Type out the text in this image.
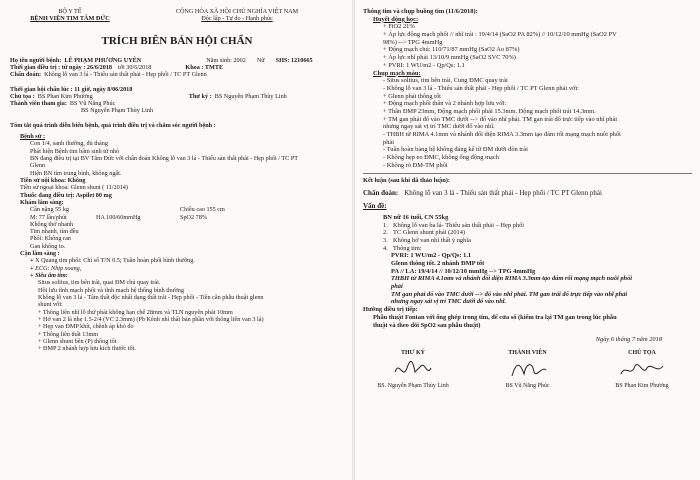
BỘ Y TẾ
BỆNH VIỆN TIM TÂM ĐỨC
CỘNG HÒA XÃ HỘI CHỦ NGHĨA VIỆT NAM
Độc lập - Tự do - Hạnh phúc
TRÍCH BIÊN BẢN HỘI CHẨN
Họ tên người bệnh: LÊ PHẠM PHƯƠNG UYÊN	Năm sinh: 2002 Nữ SHS: 1210665
Thời gian điều trị : từ ngày : 26/6/2018 tới 30/6/2018	Khoa : TMTE
Chẩn đoán: Không lỗ van 3 lá - Thiểu sản thất phải - Hẹp phổi / TC PT Glenn
Thời gian hội chẩn lúc : 11 giờ, ngày 8/06/2018
Chủ tọa : BS Phan Kim Phương	Thư ký : BS Nguyễn Phạm Thùy Linh
Thành viên tham gia: BS Vũ Năng Phúc
BS Nguyễn Phạm Thùy Linh
Tóm tắt quá trình diễn biến bệnh, quá trình điều trị và chăm sóc người bệnh :
Bệnh sử :
Con 1/4, sanh thường, đủ tháng
Phát hiện Bệnh tim bẩm sinh từ nhỏ
BN đang điều trị tại BV Tâm Đức với chẩn đoán Không lỗ van 3 lá - Thiểu sản thất phải - Hẹp phổi / TC PT
Glenn
Hiện BN tím trung bình, không ngất.
Tiền sử nội khoa: Không
Tiền sử ngoại khoa: Glenn shunt ( 11/2014)
Thuốc đang điều trị: Aspilet 80 mg
Khám lâm sàng:
Cân nặng 55 kg	Chiều cao 155 cm
M: 77 lần/phút	HA 100/60mmHg	SpO2 78%
Không thở nhanh
Tim nhanh, tím đều
Phổi: Không ran
Gan không to.
Cận lâm sàng :
+ X Quang tim phổi: Chỉ số T/N 0.5; Tuần hoàn phổi bình thường.
+ ECG: Nhịp xoang,
+ Siêu âm tim:
Situs solitus, tim bên trái, quai ĐM chủ quay trái.
Hồi lưu tĩnh mạch phổi và tĩnh mạch hệ thống bình thường
Không lỗ van 3 lá - Tâm thất độc nhất dạng thất trái - Hẹp phổi - Tiền căn phẫu thuật glenn
shunt với:
+ Thông liên nhĩ lỗ thứ phát không hạn chế 28mm và TLN nguyên phát 10mm
+ Hở van 2 lá nhẹ 1.5-2/4 (VC 2.3mm) (Pb Kênh nhĩ thất bán phần với thông liên van 3 lá)
+ Hẹp van ĐMP khít, chênh áp khó đo
+ Thông liên thất 13mm
+ Glenn shunt bền (P) thông tốt
+ ĐMP 2 nhánh hợp lưu kích thước tốt.
Thông tim và chụp buồng tim (11/6/2018):
Huyết động học:
+ FiO2 21%
+ Áp lực động mạch phổi // nhĩ trái : 19/4/14 (SaO2 PA 82%) // 10/12/10 mmHg (SaO2 PV
98%) --> TPG 4mmHg
+ Động mạch chủ: 110/71/87 mmHg (SaO2 Ao 87%)
+ Áp lực nhĩ phải 13/10/9 mmHg (SaO2 SVC 70%)
+ PVRI: 1 WU/m2 - Qp/Qs: 1.1
Chụp mạch máu:
- Situs solitus, tim bên trái, Cung ĐMC quay trái
- Không lỗ van 3 lá - Thiểu sản thất phải - Hẹp phổi / TC PT Glenn phải với:
+ Glenn phải thông tốt
+ Động mạch phổi thân và 2 nhánh hợp lưu với:
+ Thân ĐMP 23mm, Động mạch phổi phải 15.3mm. Động mạch phổi trái 14.3mm.
+ TM gan phải đổ vào TMC dưới --> đổ vào nhĩ phải. TM gan trái đổ trực tiếp vào nhĩ phải
nhưng ngay sát vị trí TMC dưới đổ vào nhĩ.
- THBH từ RIMA 4.1mm và nhánh đối diện RIMA 3.3mm tạo đám rối mạng mạch nuôi phổi
phải
- Tuần hoàn bàng hệ không đáng kể từ ĐM dưới đòn trái
- Không hẹp eo ĐMC, không ống động mạch
- Không rò ĐM-TM phổi
Kết luận (sau khi đã thảo luận):
Chẩn đoán: Không lỗ van 3 lá - Thiểu sản thất phải - Hẹp phổi / TC PT Glenn phải
Vấn đề:
BN nữ 16 tuổi, CN 55kg
1. Không lỗ van ba lá- Thiểu sản thất phải – Hẹp phổi
2. TC Glenn shunt phải (2014)
3. Không hở van nhĩ thất ý nghĩa
4. Thông tim:
PVRI: 1 WU/m2 - Qp/Qs: 1.1
Glenn thông tốt. 2 nhánh ĐMP tốt
PA // LA: 19/4/14 // 10/12/10 mmHg --> TPG 4mmHg
THBH từ RIMA 4.1mm và nhánh đối diện RIMA 3.3mm tạo đám rối mạng mạch nuôi phổi
phải
TM gan phải đổ vào TMC dưới --> đổ vào nhĩ phải. TM gan trái đổ trực tiếp vào nhĩ phải
nhưng ngay sát vị trí TMC dưới đổ vào nhĩ.
Hướng điều trị tiếp:
Phẫu thuật Fontan với ống ghép trong tim, để cửa sổ (kiểm tra lại TM gan trong lúc phẫu
thuật và theo dõi SpO2 sau phẫu thuật)
Ngày 6 tháng 7 năm 2018
THƯ KÝ
BS. Nguyễn Phạm Thùy Linh
THÀNH VIÊN
BS Vũ Năng Phúc
CHỦ TỌA
BS Phan Kim Phương
